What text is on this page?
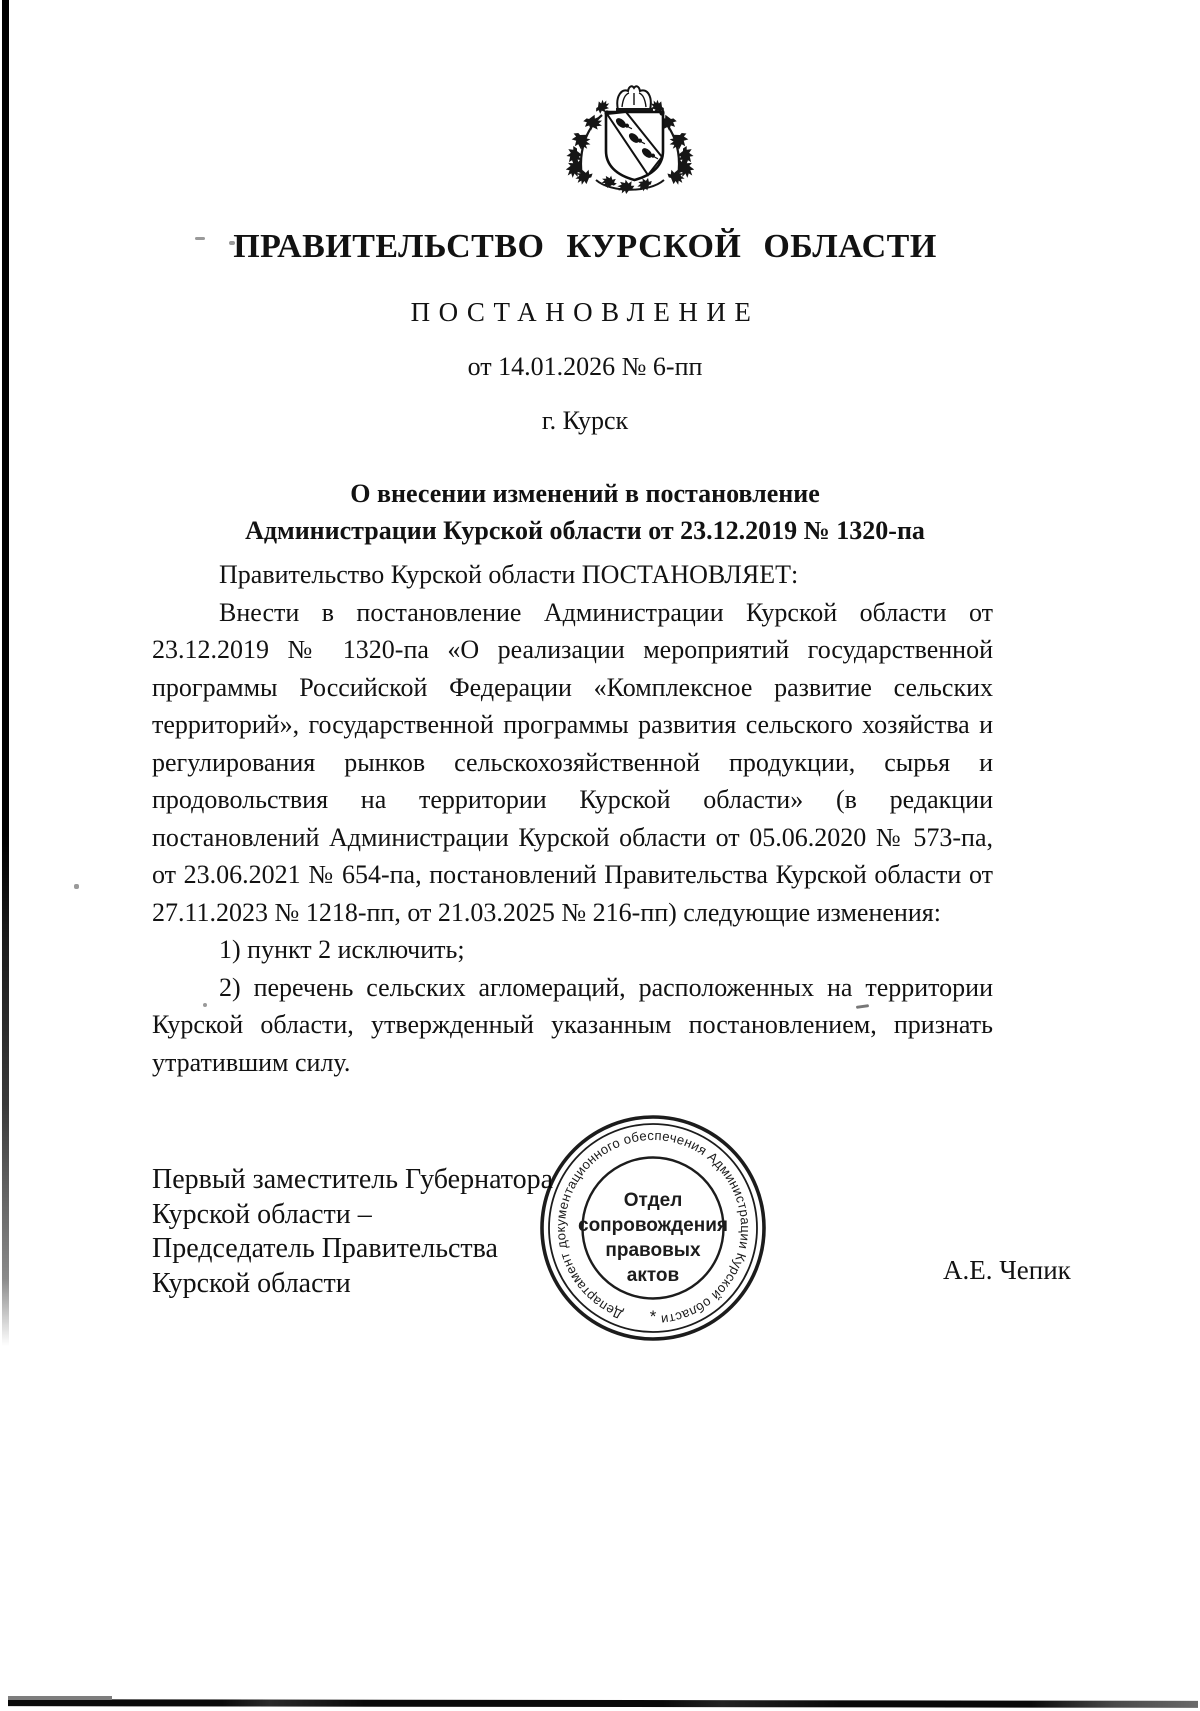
ПРАВИТЕЛЬСТВО КУРСКОЙ ОБЛАСТИ
ПОСТАНОВЛЕНИЕ
от 14.01.2026 № 6-пп
г. Курск
О внесении изменений в постановление
Администрации Курской области от 23.12.2019 № 1320-па

Правительство Курской области ПОСТАНОВЛЯЕТ:

Внести в постановление Администрации Курской области от 23.12.2019 № 1320-па «О реализации мероприятий государственной программы Российской Федерации «Комплексное развитие сельских территорий», государственной программы развития сельского хозяйства и регулирования рынков сельскохозяйственной продукции, сырья и продовольствия на территории Курской области» (в редакции постановлений Администрации Курской области от 05.06.2020 № 573-па, от 23.06.2021 № 654-па, постановлений Правительства Курской области от 27.11.2023 № 1218-пп, от 21.03.2025 № 216-пп) следующие изменения:

1) пункт 2 исключить;

2) перечень сельских агломераций, расположенных на территории Курской области, утвержденный указанным постановлением, признать утратившим силу.

Первый заместитель Губернатора
Курской области –
Председатель Правительства
Курской области	А.Е. Чепик
Департамент документационного обеспечения Администрации Курской области
*
Отдел
сопровождения
правовых
актов
